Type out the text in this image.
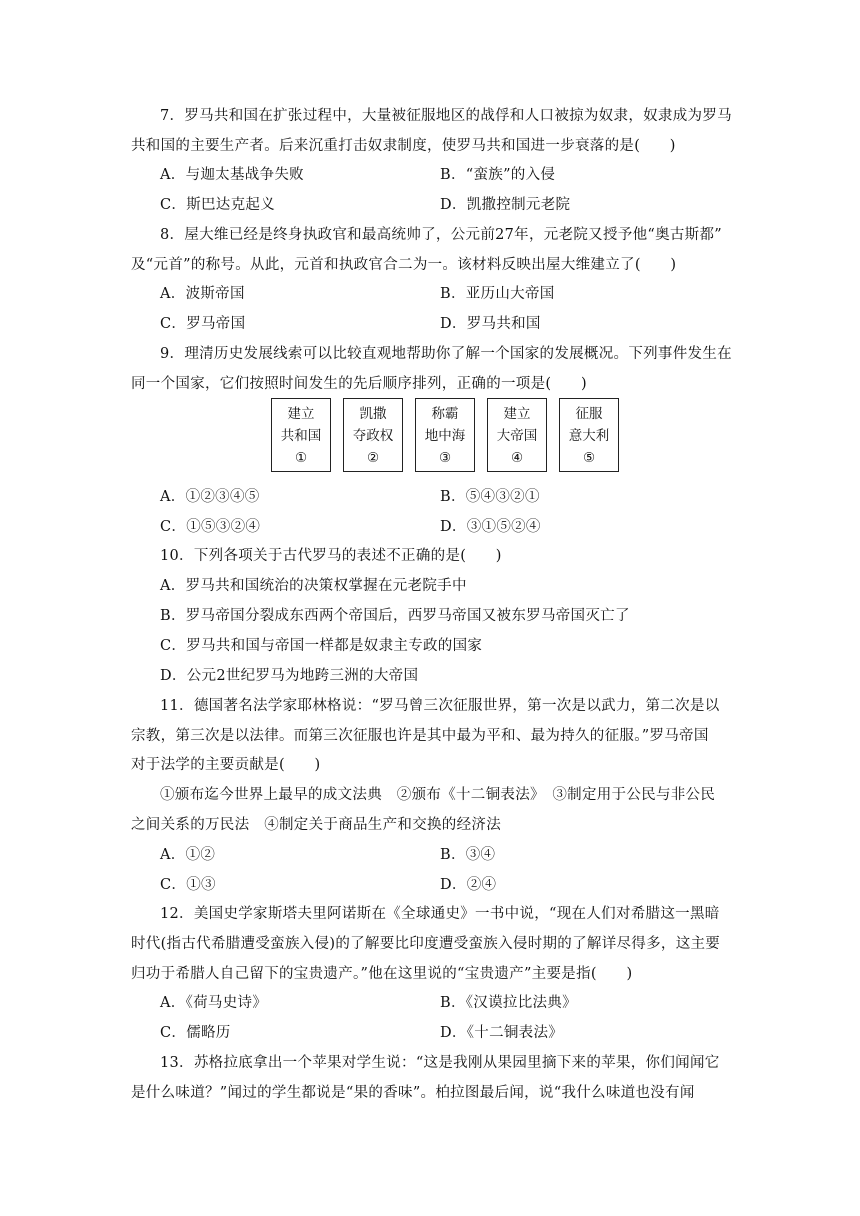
7．罗马共和国在扩张过程中，大量被征服地区的战俘和人口被掠为奴隶，奴隶成为罗马
共和国的主要生产者。后来沉重打击奴隶制度，使罗马共和国进一步衰落的是(　　)
A．与迦太基战争失败	B．“蛮族”的入侵
C．斯巴达克起义	D．凯撒控制元老院
8．屋大维已经是终身执政官和最高统帅了，公元前27年，元老院又授予他“奥古斯都”
及“元首”的称号。从此，元首和执政官合二为一。该材料反映出屋大维建立了(　　)
A．波斯帝国	B．亚历山大帝国
C．罗马帝国	D．罗马共和国
9．理清历史发展线索可以比较直观地帮助你了解一个国家的发展概况。下列事件发生在
同一个国家，它们按照时间发生的先后顺序排列，正确的一项是(　　)
建立
共和国
①
凯撒
夺政权
②
称霸
地中海
③
建立
大帝国
④
征服
意大利
⑤
A．①②③④⑤	B．⑤④③②①
C．①⑤③②④	D．③①⑤②④
10．下列各项关于古代罗马的表述不正确的是(　　)
A．罗马共和国统治的决策权掌握在元老院手中
B．罗马帝国分裂成东西两个帝国后，西罗马帝国又被东罗马帝国灭亡了
C．罗马共和国与帝国一样都是奴隶主专政的国家
D．公元2世纪罗马为地跨三洲的大帝国
11．德国著名法学家耶林格说：“罗马曾三次征服世界，第一次是以武力，第二次是以
宗教，第三次是以法律。而第三次征服也许是其中最为平和、最为持久的征服。”罗马帝国
对于法学的主要贡献是(　　)
①颁布迄今世界上最早的成文法典　②颁布《十二铜表法》　③制定用于公民与非公民
之间关系的万民法　④制定关于商品生产和交换的经济法
A．①②	B．③④
C．①③	D．②④
12．美国史学家斯塔夫里阿诺斯在《全球通史》一书中说，“现在人们对希腊这一黑暗
时代(指古代希腊遭受蛮族入侵)的了解要比印度遭受蛮族入侵时期的了解详尽得多，这主要
归功于希腊人自己留下的宝贵遗产。”他在这里说的“宝贵遗产”主要是指(　　)
A．《荷马史诗》	B．《汉谟拉比法典》
C．儒略历	D．《十二铜表法》
13．苏格拉底拿出一个苹果对学生说：“这是我刚从果园里摘下来的苹果，你们闻闻它
是什么味道？”闻过的学生都说是“果的香味”。柏拉图最后闻，说“我什么味道也没有闻
